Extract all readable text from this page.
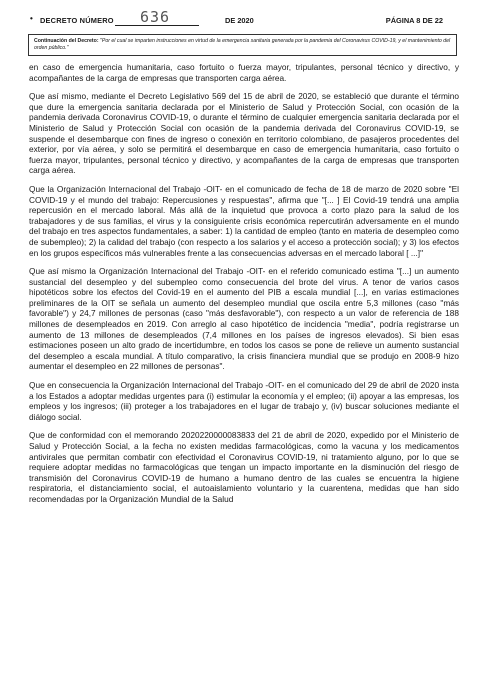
• DECRETO NÚMERO 636	DE 2020	PÁGINA 8 DE 22
Continuación del Decreto: "Por el cual se imparten instrucciones en virtud de la emergencia sanitaria generada por la pandemia del Coronavirus COVID-19, y el mantenimiento del orden público."

en caso de emergencia humanitaria, caso fortuito o fuerza mayor, tripulantes, personal técnico y directivo, y acompañantes de la carga de empresas que transporten carga aérea.

Que así mismo, mediante el Decreto Legislativo 569 del 15 de abril de 2020, se estableció que durante el término que dure la emergencia sanitaria declarada por el Ministerio de Salud y Protección Social, con ocasión de la pandemia derivada Coronavirus COVID-19, o durante el término de cualquier emergencia sanitaria declarada por el Ministerio de Salud y Protección Social con ocasión de la pandemia derivada del Coronavirus COVID-19, se suspende el desembarque con fines de ingreso o conexión en territorio colombiano, de pasajeros procedentes del exterior, por vía aérea, y solo se permitirá el desembarque en caso de emergencia humanitaria, caso fortuito o fuerza mayor, tripulantes, personal técnico y directivo, y acompañantes de la carga de empresas que transporten carga aérea.

Que la Organización Internacional del Trabajo -OIT- en el comunicado de fecha de 18 de marzo de 2020 sobre "El COVID-19 y el mundo del trabajo: Repercusiones y respuestas", afirma que "[... ] El Covid-19 tendrá una amplia repercusión en el mercado laboral. Más allá de la inquietud que provoca a corto plazo para la salud de los trabajadores y de sus familias, el virus y la consiguiente crisis económica repercutirán adversamente en el mundo del trabajo en tres aspectos fundamentales, a saber: 1) la cantidad de empleo (tanto en materia de desempleo como de subempleo); 2) la calidad del trabajo (con respecto a los salarios y el acceso a protección social); y 3) los efectos en los grupos específicos más vulnerables frente a las consecuencias adversas en el mercado laboral [ ...]"

Que así mismo la Organización Internacional del Trabajo -OIT- en el referido comunicado estima "[...] un aumento sustancial del desempleo y del subempleo como consecuencia del brote del virus. A tenor de varios casos hipotéticos sobre los efectos del Covid-19 en el aumento del PIB a escala mundial [...], en varias estimaciones preliminares de la OIT se señala un aumento del desempleo mundial que oscila entre 5,3 millones (caso "más favorable") y 24,7 millones de personas (caso "más desfavorable"), con respecto a un valor de referencia de 188 millones de desempleados en 2019. Con arreglo al caso hipotético de incidencia "media", podría registrarse un aumento de 13 millones de desempleados (7,4 millones en los países de ingresos elevados). Si bien esas estimaciones poseen un alto grado de incertidumbre, en todos los casos se pone de relieve un aumento sustancial del desempleo a escala mundial. A título comparativo, la crisis financiera mundial que se produjo en 2008-9 hizo aumentar el desempleo en 22 millones de personas".

Que en consecuencia la Organización Internacional del Trabajo -OIT- en el comunicado del 29 de abril de 2020 insta a los Estados a adoptar medidas urgentes para (i) estimular la economía y el empleo; (ii) apoyar a las empresas, los empleos y los ingresos; (iii) proteger a los trabajadores en el lugar de trabajo y, (iv) buscar soluciones mediante el diálogo social.

Que de conformidad con el memorando 2020220000083833 del 21 de abril de 2020, expedido por el Ministerio de Salud y Protección Social, a la fecha no existen medidas farmacológicas, como la vacuna y los medicamentos antivirales que permitan combatir con efectividad el Coronavirus COVID-19, ni tratamiento alguno, por lo que se requiere adoptar medidas no farmacológicas que tengan un impacto importante en la disminución del riesgo de transmisión del Coronavirus COVID-19 de humano a humano dentro de las cuales se encuentra la higiene respiratoria, el distanciamiento social, el autoaislamiento voluntario y la cuarentena, medidas que han sido recomendadas por la Organización Mundial de la Salud
